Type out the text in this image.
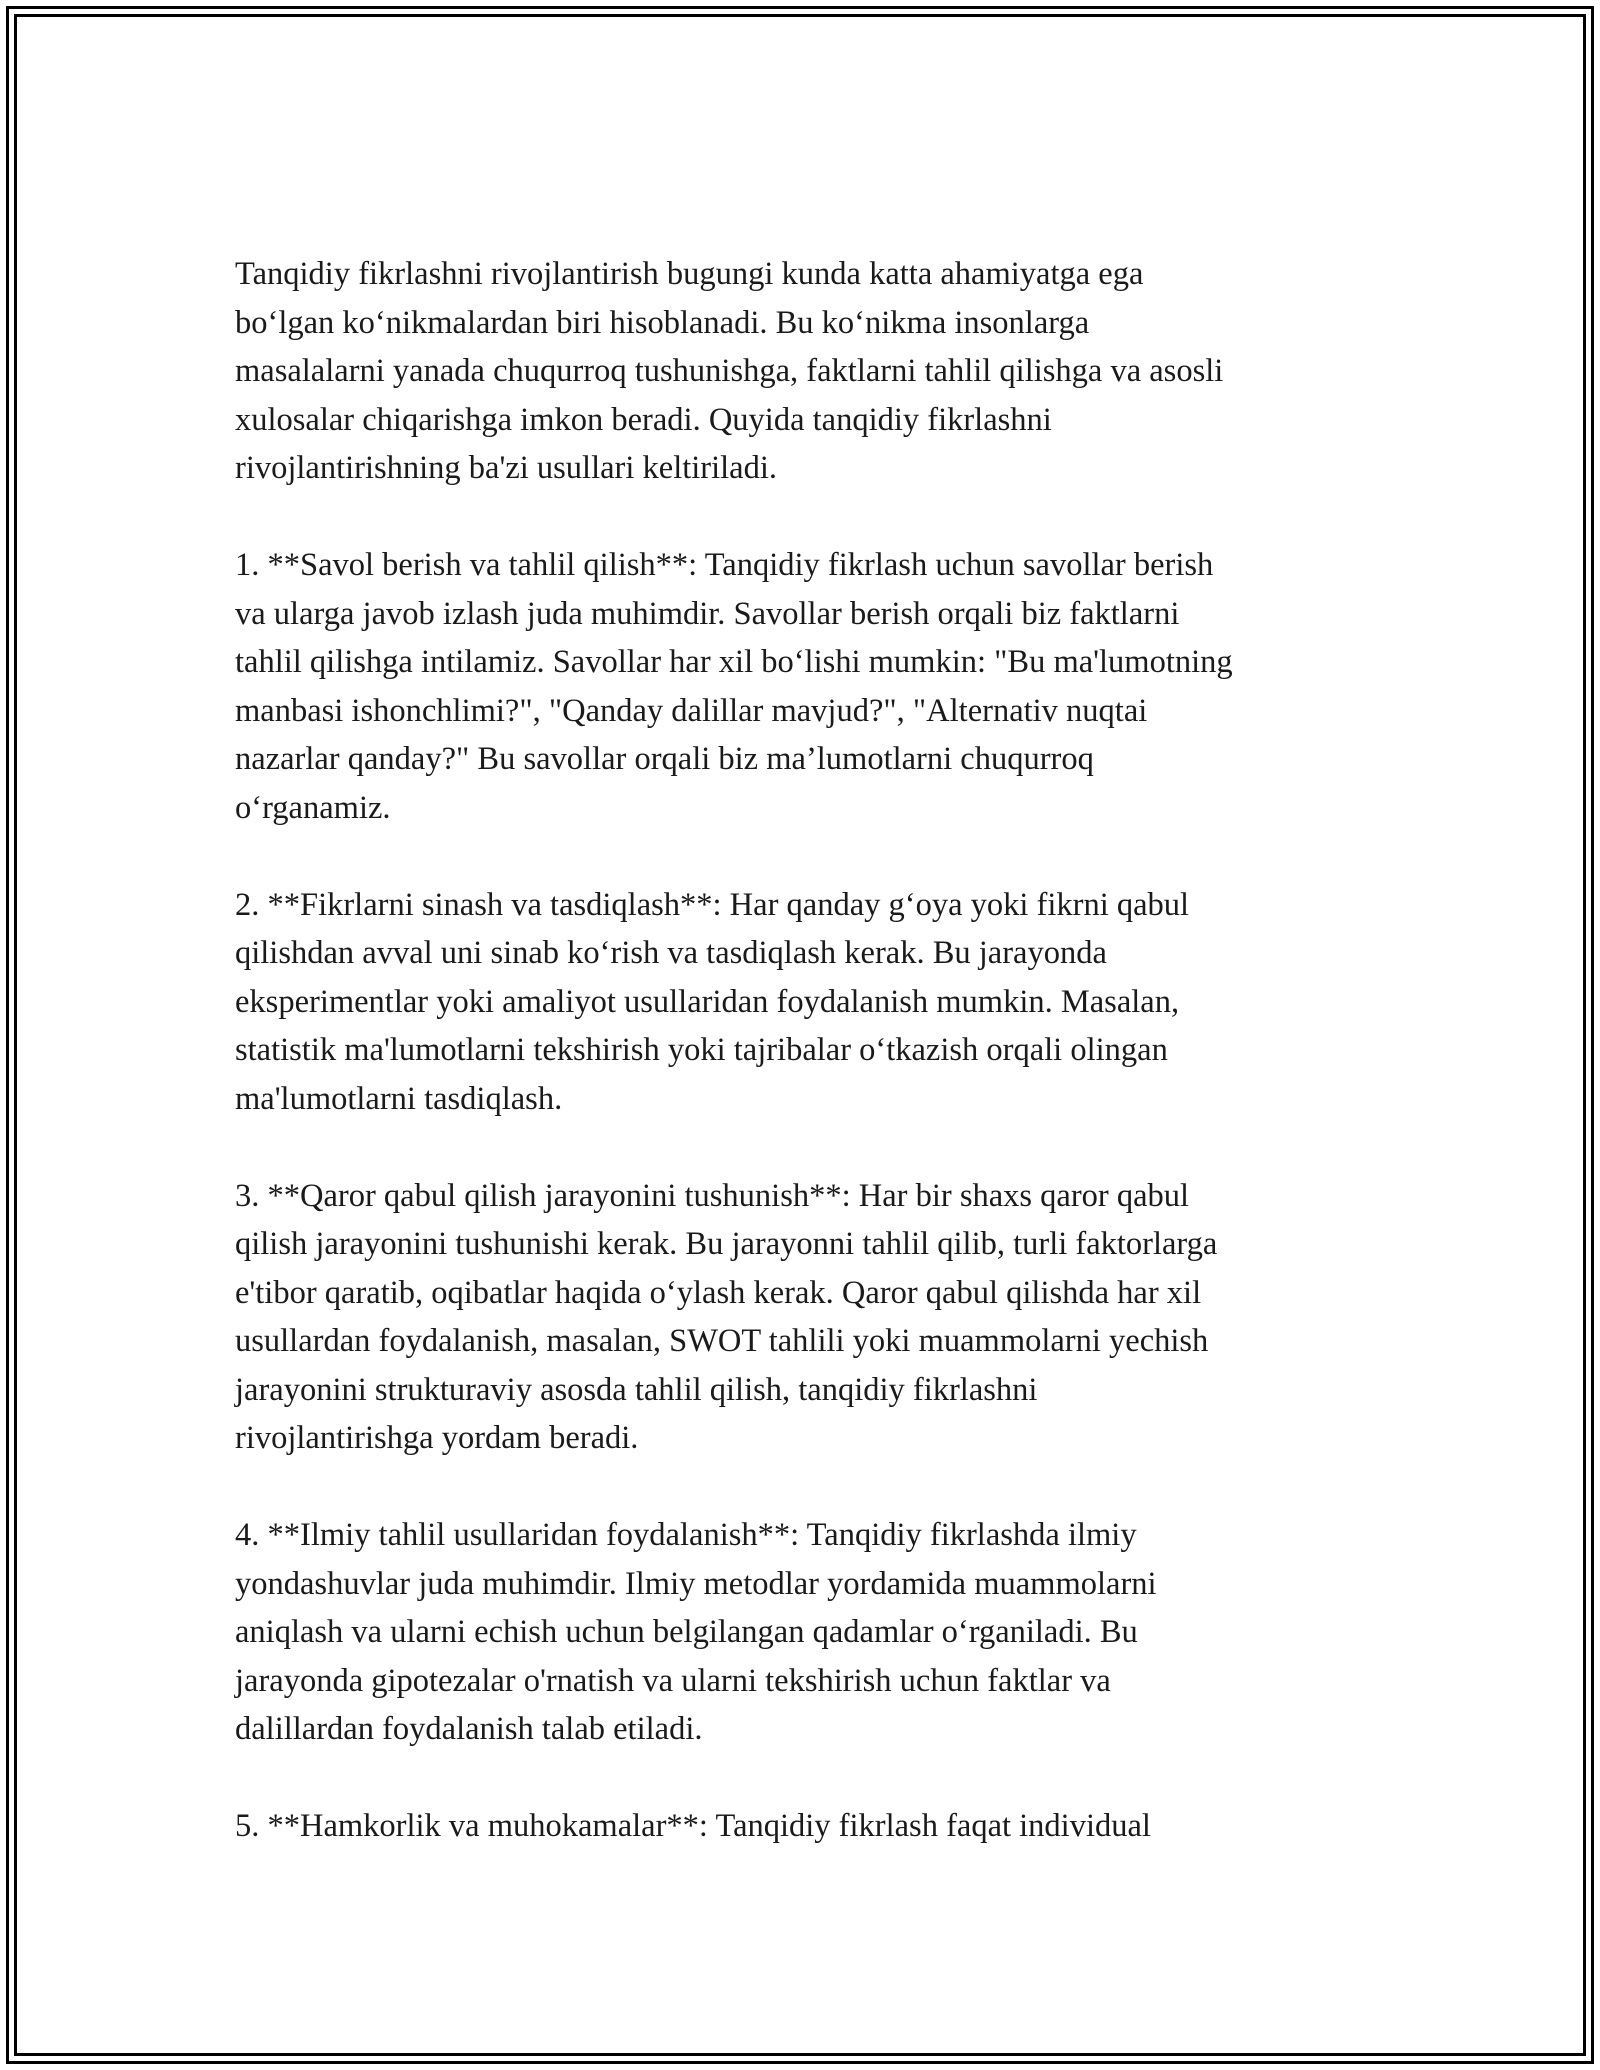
Tanqidiy fikrlashni rivojlantirish bugungi kunda katta ahamiyatga ega
bo‘lgan ko‘nikmalardan biri hisoblanadi. Bu ko‘nikma insonlarga
masalalarni yanada chuqurroq tushunishga, faktlarni tahlil qilishga va asosli
xulosalar chiqarishga imkon beradi. Quyida tanqidiy fikrlashni
rivojlantirishning ba'zi usullari keltiriladi.

1. **Savol berish va tahlil qilish**: Tanqidiy fikrlash uchun savollar berish
va ularga javob izlash juda muhimdir. Savollar berish orqali biz faktlarni
tahlil qilishga intilamiz. Savollar har xil bo‘lishi mumkin: "Bu ma'lumotning
manbasi ishonchlimi?", "Qanday dalillar mavjud?", "Alternativ nuqtai
nazarlar qanday?" Bu savollar orqali biz ma’lumotlarni chuqurroq
o‘rganamiz.

2. **Fikrlarni sinash va tasdiqlash**: Har qanday g‘oya yoki fikrni qabul
qilishdan avval uni sinab ko‘rish va tasdiqlash kerak. Bu jarayonda
eksperimentlar yoki amaliyot usullaridan foydalanish mumkin. Masalan,
statistik ma'lumotlarni tekshirish yoki tajribalar o‘tkazish orqali olingan
ma'lumotlarni tasdiqlash.

3. **Qaror qabul qilish jarayonini tushunish**: Har bir shaxs qaror qabul
qilish jarayonini tushunishi kerak. Bu jarayonni tahlil qilib, turli faktorlarga
e'tibor qaratib, oqibatlar haqida o‘ylash kerak. Qaror qabul qilishda har xil
usullardan foydalanish, masalan, SWOT tahlili yoki muammolarni yechish
jarayonini strukturaviy asosda tahlil qilish, tanqidiy fikrlashni
rivojlantirishga yordam beradi.

4. **Ilmiy tahlil usullaridan foydalanish**: Tanqidiy fikrlashda ilmiy
yondashuvlar juda muhimdir. Ilmiy metodlar yordamida muammolarni
aniqlash va ularni echish uchun belgilangan qadamlar o‘rganiladi. Bu
jarayonda gipotezalar o'rnatish va ularni tekshirish uchun faktlar va
dalillardan foydalanish talab etiladi.

5. **Hamkorlik va muhokamalar**: Tanqidiy fikrlash faqat individual
